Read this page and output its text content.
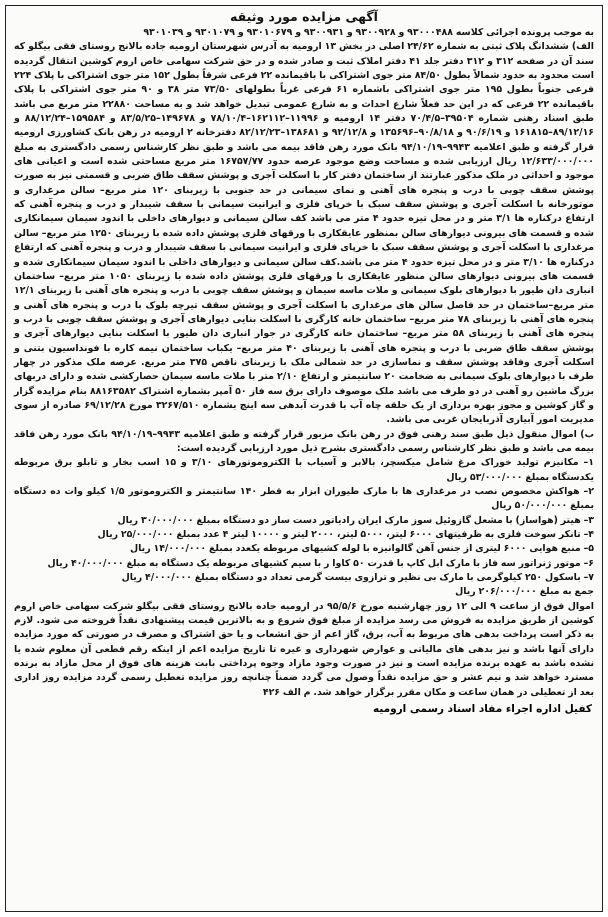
آگهی مزایده مورد وثیقه

به موجب پرونده اجرائی کلاسه ۹۳۰۰۰۴۸۸ و ۹۳۰۰۹۲۸ و ۹۳۰۰۹۳۱ و ۹۳۰۱۰۶۷۹ و ۹۳۰۱۰۷۹ و ۹۳۰۱۰۳۹

الف) ششدانگ پلاک ثبتی به شماره ۲۴/۶۲ اصلی در بخش ۱۳ ارومیه به آدرس شهرستان ارومیه جاده بالانج روستای فقی بیگلو که سند آن در صفحه ۳۱۲ و ۳۱۲ دفتر جلد ۴۱ دفتر املاک ثبت و صادر شده و در حق شرکت سهامی خاص اروم کوشین انتقال گردیده است محدود به حدود شمالاً بطول ۸۴/۵۰ متر جوی اشتراکی با باقیمانده ۲۲ فرعی شرقاً بطول ۱۵۲ متر جوی اشتراکی با پلاک ۲۲۴ فرعی جنوباً بطول ۱۹۵ متر جوی اشتراکی باشماره ۶۱ فرعی غرباً بطولهای ۷۳/۵۰ متر ۳۸ و ۹۰ متر جوی اشتراکی با پلاک باقیمانده ۲۲ فرعی که در این حد فعلاً شارع احداث و به شارع عمومی تبدیل خواهد شد و به مساحت ۲۲۸۸۰ متر مربع می باشد طبق اسناد رهنی شماره ۳۹۵۰۴–۷۰/۴/۵ دفتر ۱۴ ارومیه و ۱۱۹۹۶–۱۶۲۱۱۲–۷۸/۱۰/۴ و ۱۴۹۶۷۸–۸۳/۵/۲۵ و ۱۵۹۵۸۴–۸۸/۱۲/۲۴ و ۸۹/۱۲/۱۶–۱۶۱۸۱۵ و ۹۰/۶/۱۹ و ۹۰/۸/۱۸–۱۳۵۶۹۶ و ۹۲/۱۲/۸ و ۱۳۸۶۸۱–۸۲/۱۲/۲۳ دفترخانه ۲ ارومیه در رهن بانک کشاورزی ارومیه قرار گرفته و طبق اعلامیه ۹۹۴۳–۹۴/۱۰/۱۹ بانک مورد رهن فاقد بیمه می باشد و طبق نظر کارشناس رسمی دادگستری به مبلغ ۱۲/۶۳۳/۰۰۰/۰۰۰ ریال ارزیابی شده و مساحت وضع موجود عرصه حدود ۱۶۷۵۷/۷۷ متر مربع مساحتی شده است و اعیانی های موجود و احداثی در ملک مذکور عبارتند از ساختمان دفتر کار با اسکلت آجری و پوشش سقف طاق ضربی و قسمتی نیز به صورت پوشش سقف چوبی با درب و پنجره های آهنی و نمای سیمانی در حد جنوبی با زیربنای ۱۲۰ متر مربع– سالن مرغداری و موتورخانه با اسکلت آجری و پوشش سقف سبک با خرپای فلزی و ایرانیت سیمانی با سقف شیبدار و درب و پنجره آهنی که ارتفاع درکناره ها ۳/۱ متر و در محل تیزه حدود ۴ متر می باشد کف سالن سیمانی و دیوارهای داخلی با اندود سیمان سیمانکاری شده و قسمت های بیرونی دیوارهای سالن بمنظور عایقکاری با ورقهای فلزی پوشش داده شده با زیربنای ۱۲۵۰ متر مربع– سالن مرغداری با اسکلت آجری و پوشش سقف سبک با خرپای فلزی و ایرانیت سیمانی با سقف شیبدار و درب و پنجره آهنی که ارتفاع درکناره ها ۳/۱۰ متر و در محل تیزه حدود ۴ متر می باشد.کف سالن سیمانی و دیوارهای داخلی با اندود سیمان سیمانکاری شده و قسمت های بیرونی دیوارهای سالن منظور عایقکاری با ورقهای فلزی پوشش داده شده با زیربنای ۱۰۵۰ متر مربع– ساختمان انباری دان طیور با دیوارهای بلوک سیمانی و ملات ماسه سیمان و پوشش سقف چوبی با درب و پنجره های آهنی با زیربنای ۱۲/۱ متر مربع–ساختمان در حد فاصل سالن های مرغداری با اسکلت آجری و پوشش سقف تیرچه بلوک با درب و پنجره های آهنی و پنجره های آهنی با زیربنای ۷۸ متر مربع– ساختمان خانه کارگری با اسکلت بنایی دیوارهای آجری و پوشش سقف چوبی با درب و پنجره های آهنی با زیربنای ۵۸ متر مربع– ساختمان خانه کارگری در جوار انباری دان طیور با اسکلت بنایی دیوارهای آجری و پوشش سقف طاق ضربی با درب و پنجره های آهنی با زیربنای ۴۰ متر مربع– یکباب ساختمان نیمه کاره با فونداسیون بتنی و اسکلت آجری وفاقد پوشش سقف و نماسازی در حد شمالی ملک با زیربنای ناقص ۳۷۵ متر مربع. عرصه ملک مذکور در چهار طرف با دیوارهای بلوک سیمانی به ضخامت ۲۰ سانتیمتر و ارتفاع ۲/۱۰ متر با ملات ماسه سیمان حصارکشی شده و دارای دربهای بزرگ ماشین رو آهنی در دو طرف می باشد ملک موصوف دارای برق سه فاز ۵۰ آمپر بشماره اشتراک ۸۸۱۶۳۵۸۲ بنام مزایده گزار و گاز کوشین و مجوز بهره برداری از یک حلقه چاه آب با قدرت آبدهی سه اینچ بشماره ۳۲۶۷/۵۱۰ مورخ ۶۹/۱۲/۲۸ صادره از سوی مدیریت امور آبیاری آذربایجان غربی می باشد.

ب) اموال منقول ذیل طبق سند رهنی فوق در رهن بانک مزبور قرار گرفته و طبق اعلامیه ۹۹۴۳–۹۴/۱۰/۱۹ بانک مورد رهن فاقد بیمه می باشد و طبق نظر کارشناس رسمی دادگستری بشرح ذیل مورد ارزیابی گردیده است:

۱– مکانیزم تولید خوراک مرغ شامل میکسچر، بالابر و آسیاب با الکتروموتورهای ۳/۱۰ و ۱۵ اسب بخار و تابلو برق مربوطه یکدستگاه بمبلغ ۵۳/۰۰۰/۰۰۰ ریال

۲– هواکش مخصوص نصب در مرغداری ها با مارک طیوران ابزار به قطر ۱۴۰ سانتیمتر و الکتروموتور ۱/۵ کیلو وات ده دستگاه بمبلغ ۵۰/۰۰۰/۰۰۰ ریال

۳– هیتر (هواساز) با مشعل گازوئیل سوز مارک ایران رادیاتور دست ساز دو دستگاه بمبلغ ۳۰/۰۰۰/۰۰۰ ریال

۴– تانکر سوخت فلزی به ظرفیتهای ۶۰۰۰ لیتر، ۵۰۰۰ لیتر، ۲۰۰۰ لیتر و ۱۰۰۰۰ لیتر ۴ عدد بمبلغ ۲۵/۰۰۰/۰۰۰ ریال

۵– منبع هوایی ۶۰۰۰ لیتری از جنس آهن گالوانیزه با لوله کشیهای مربوطه یکعدد بمبلغ ۱۴/۰۰۰/۰۰۰ ریال

۶– موتور ژنراتور سه فاز با مارک ابل کاپ با قدرت ۵۰ کاوا ر با سیم کشیهای مربوطه یک دستگاه به مبلغ ۴۰/۰۰۰/۰۰۰ ریال

۷– باسکول ۲۵۰ کیلوگرمی با مارک بی نظیر و ترازوی بیست گرمی تعداد دو دستگاه بمبلغ ۴/۰۰۰/۰۰۰ ریال

جمع به مبلغ ۲۰۶/۰۰۰/۰۰۰ ریال

اموال فوق از ساعت ۹ الی ۱۲ روز چهارشنبه مورخ ۹۵/۵/۶ در ارومیه جاده بالانج روستای فقی بیگلو شرکت سهامی خاص اروم کوشین از طریق مزایده به فروش می رسد مزایده از مبلغ فوق شروع و به بالاترین قیمت پیشنهادی نقداً فروخته می شود. لازم به ذکر است پرداخت بدهی های مربوط به آب، برق، گاز اعم از حق انشعاب و یا حق اشتراک و مصرف در صورتی که مورد مزایده دارای آنها باشد و نیز بدهی های مالیاتی و عوارض شهرداری و غیره تا تاریخ مزایده اعم از اینکه رقم قطعی آن معلوم شده یا نشده باشد به عهده برنده مزایده است و نیز در صورت وجود مازاد وجوه پرداختی بابت هزینه های فوق از محل مازاد به برنده مسترد خواهد شد و نیم عشر و حق مزایده نقداً وصول می گردد ضمناً چنانچه روز مزایده تعطیل رسمی گردد مزایده روز اداری بعد از تعطیلی در همان ساعت و مکان مقرر برگزار خواهد شد. م الف ۴۲۶

کفیل اداره اجراء مفاد اسناد رسمی ارومیه
